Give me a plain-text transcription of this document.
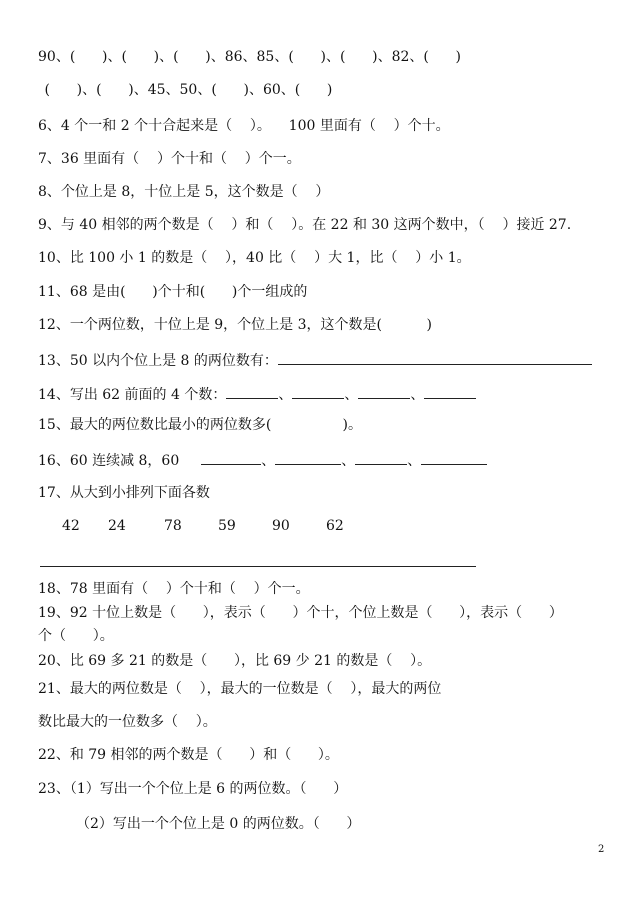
90、(      )、(      )、(      )、86、85、(      )、(      )、82、(      )
(      )、(      )、45、50、(      )、60、(      )
6、4 个一和 2 个十合起来是（    ）。    100 里面有（    ）个十。
7、36 里面有（    ）个十和（    ）个一。
8、个位上是 8，十位上是 5，这个数是（    ）
9、与 40 相邻的两个数是（    ）和（    ）。在 22 和 30 这两个数中，（    ）接近 27.
10、比 100 小 1 的数是（    ），40 比（    ）大 1，比（    ）小 1。
11、68 是由(      )个十和(      )个一组成的
12、一个两位数，十位上是 9，个位上是 3，这个数是(          )
13、50 以内个位上是 8 的两位数有：
14、写出 62 前面的 4 个数：	、	、	、
15、最大的两位数比最小的两位数多(                )。
16、60 连续减 8，60	、	、	、
17、从大到小排列下面各数
42 24	78	59	90	62
18、78 里面有（    ）个十和（    ）个一。
19、92 十位上数是（      ），表示（      ）个十，个位上数是（      ），表示（      ）
个（      ）。
20、比 69 多 21 的数是（      ），比 69 少 21 的数是（    ）。
21、最大的两位数是（    ），最大的一位数是（    ），最大的两位
数比最大的一位数多（    ）。
22、和 79 相邻的两个数是（      ）和（      ）。
23、（1）写出一个个位上是 6 的两位数。（      ）
（2）写出一个个位上是 0 的两位数。（      ）
2
